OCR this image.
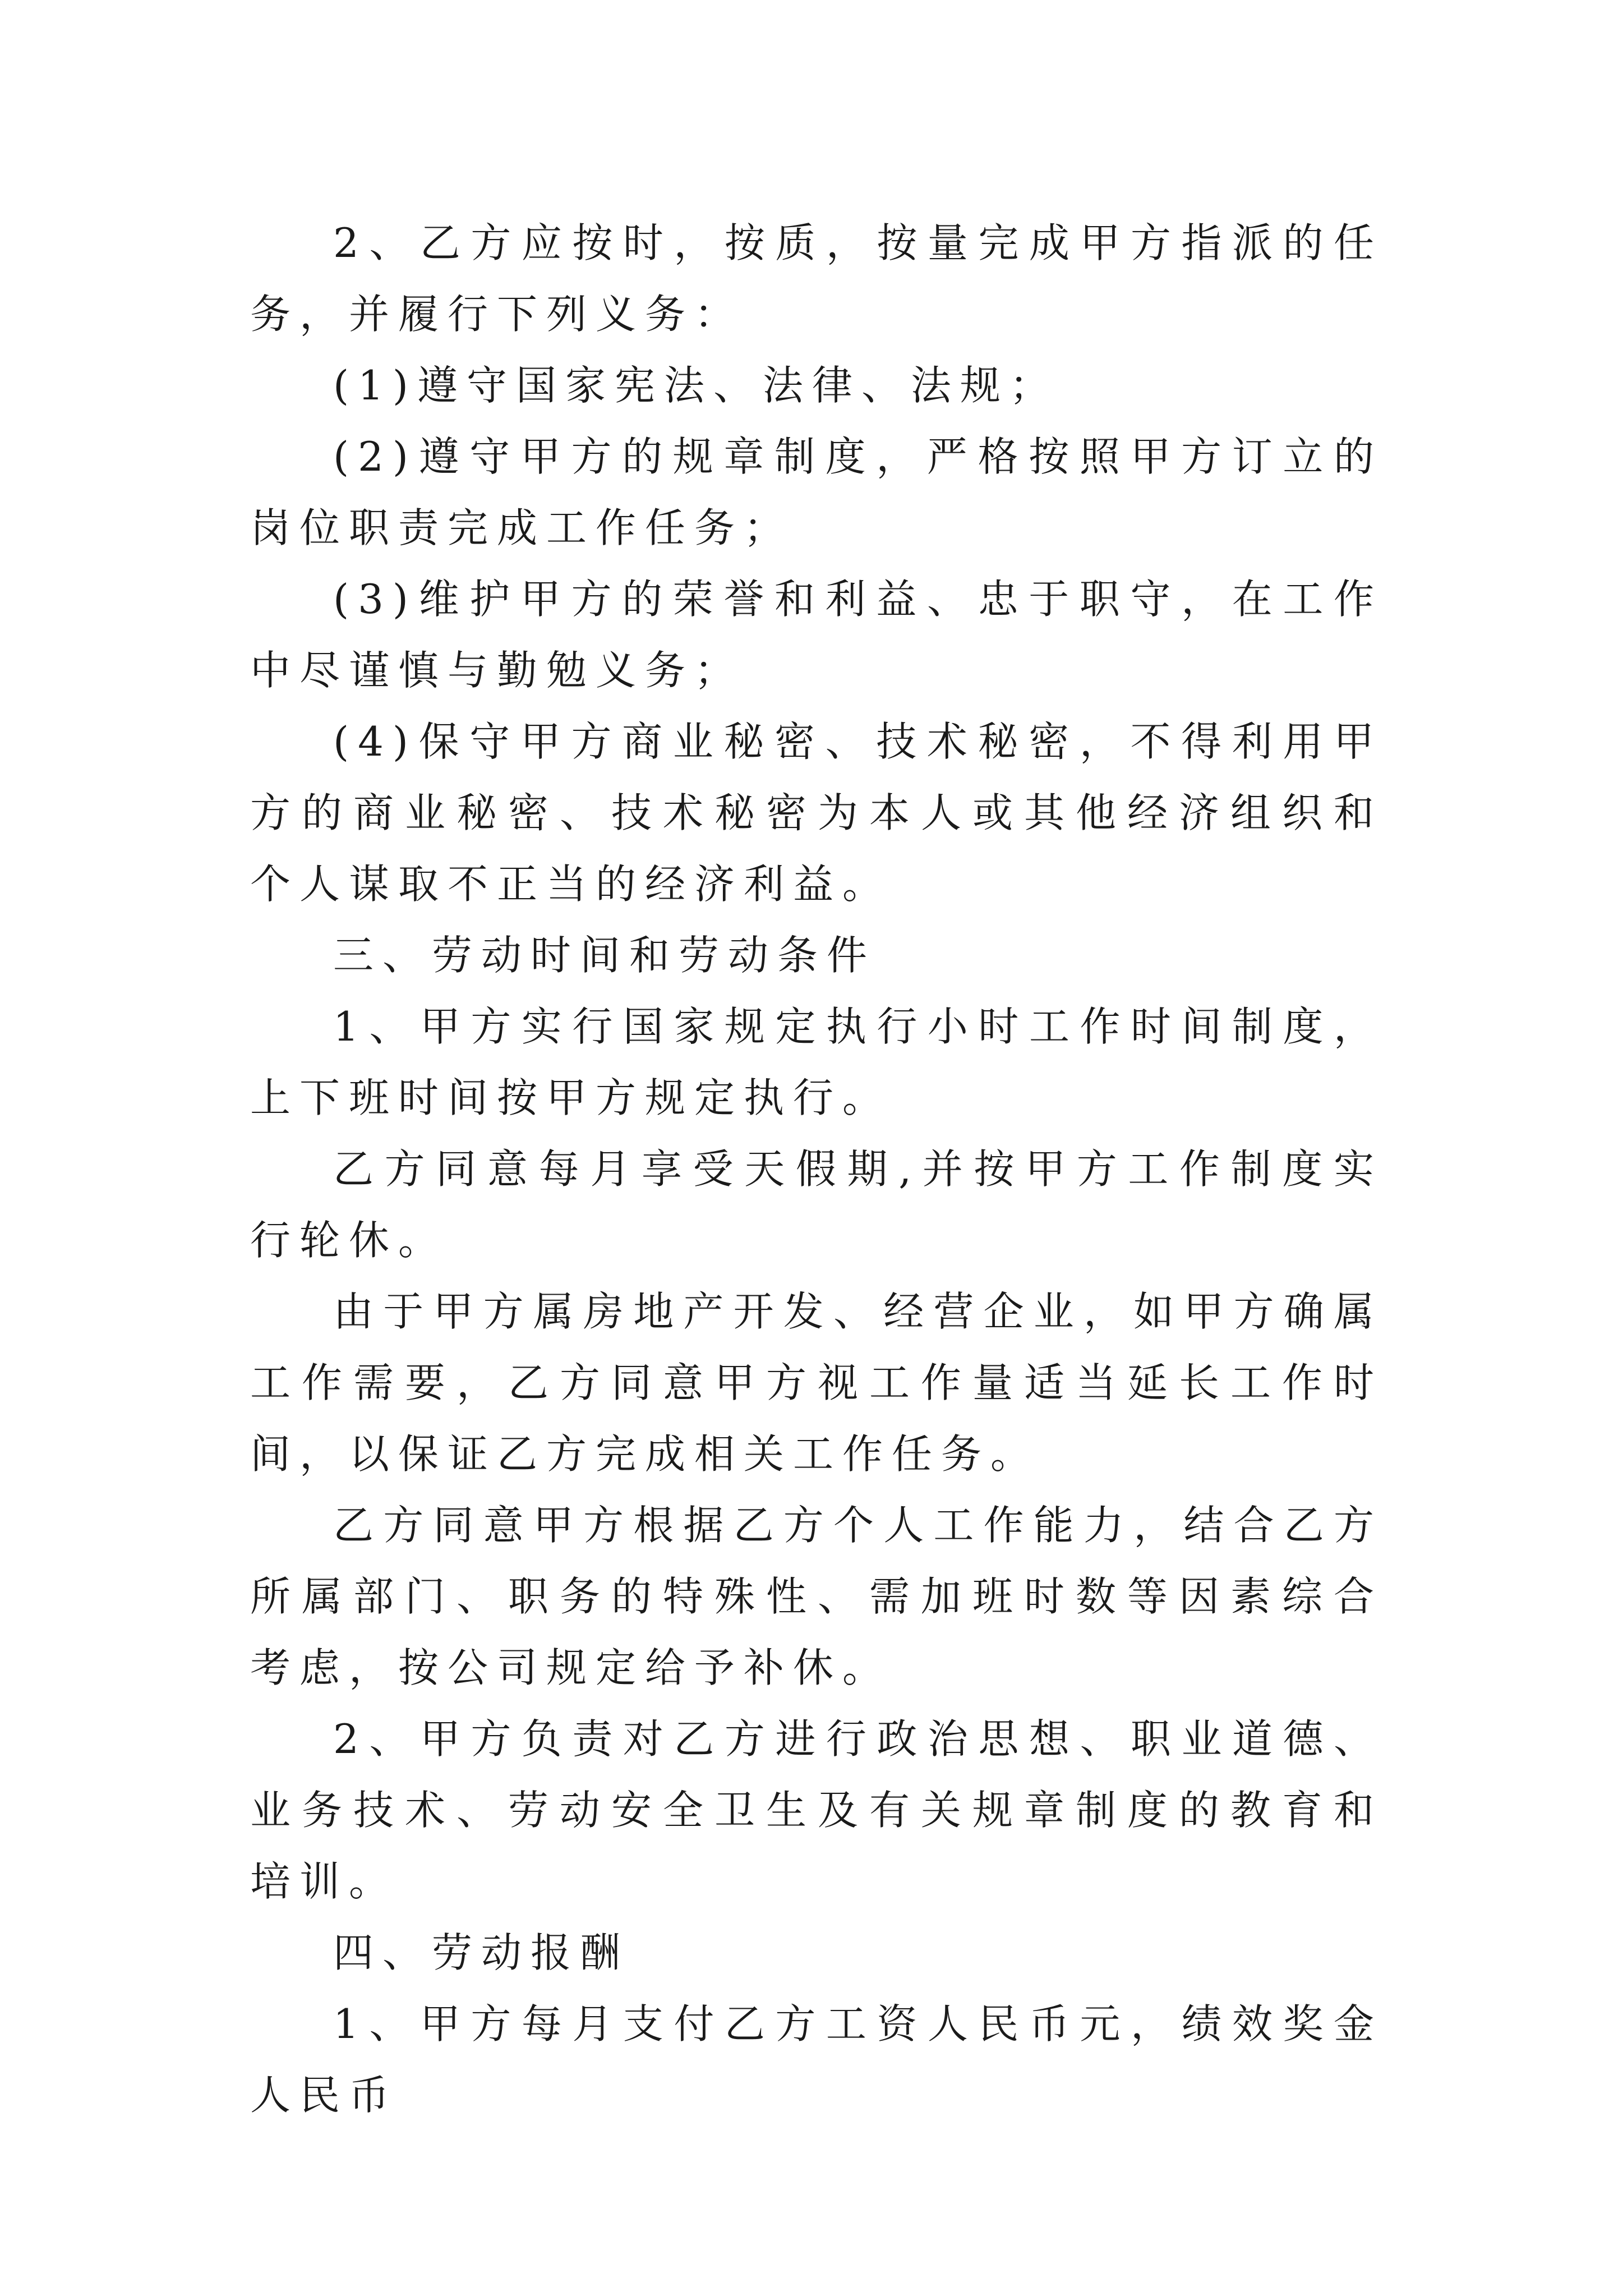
2、乙方应按时，按质，按量完成甲方指派的任务，并履行下列义务：

(1)遵守国家宪法、法律、法规；

(2)遵守甲方的规章制度，严格按照甲方订立的岗位职责完成工作任务；

(3)维护甲方的荣誉和利益、忠于职守，在工作中尽谨慎与勤勉义务；

(4)保守甲方商业秘密、技术秘密，不得利用甲方的商业秘密、技术秘密为本人或其他经济组织和个人谋取不正当的经济利益。

三、劳动时间和劳动条件

1、甲方实行国家规定执行小时工作时间制度，上下班时间按甲方规定执行。

乙方同意每月享受天假期,并按甲方工作制度实行轮休。

由于甲方属房地产开发、经营企业，如甲方确属工作需要，乙方同意甲方视工作量适当延长工作时间，以保证乙方完成相关工作任务。

乙方同意甲方根据乙方个人工作能力，结合乙方所属部门、职务的特殊性、需加班时数等因素综合考虑，按公司规定给予补休。

2、甲方负责对乙方进行政治思想、职业道德、业务技术、劳动安全卫生及有关规章制度的教育和培训。

四、劳动报酬

1、甲方每月支付乙方工资人民币元，绩效奖金人民币
